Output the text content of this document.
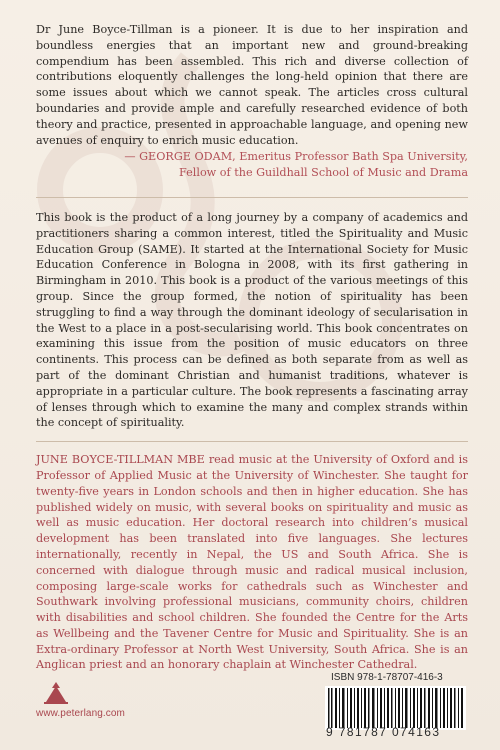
Dr June Boyce-Tillman is a pioneer. It is due to her inspiration and boundless energies that an important new and ground-breaking compendium has been assembled. This rich and diverse collection of contributions eloquently challenges the long-held opinion that there are some issues about which we cannot speak. The articles cross cultural boundaries and provide ample and carefully researched evidence of both theory and practice, presented in approachable language, and opening new avenues of enquiry to enrich music education.

— GEORGE ODAM, Emeritus Professor Bath Spa University,
Fellow of the Guildhall School of Music and Drama

This book is the product of a long journey by a company of academics and practitioners sharing a common interest, titled the Spirituality and Music Education Group (SAME). It started at the International Society for Music Education Conference in Bologna in 2008, with its first gathering in Birmingham in 2010. This book is a product of the various meetings of this group. Since the group formed, the notion of spirituality has been struggling to find a way through the dominant ideology of secularisation in the West to a place in a post-secularising world. This book concentrates on examining this issue from the position of music educators on three continents. This process can be defined as both separate from as well as part of the dominant Christian and humanist traditions, whatever is appropriate in a particular culture. The book represents a fascinating array of lenses through which to examine the many and complex strands within the concept of spirituality.

JUNE BOYCE-TILLMAN MBE read music at the University of Oxford and is Professor of Applied Music at the University of Winchester. She taught for twenty-five years in London schools and then in higher education. She has published widely on music, with several books on spirituality and music as well as music education. Her doctoral research into children’s musical development has been translated into five languages. She lectures internationally, recently in Nepal, the US and South Africa. She is concerned with dialogue through music and radical musical inclusion, composing large-scale works for cathedrals such as Winchester and Southwark involving professional musicians, community choirs, children with disabilities and school children. She founded the Centre for the Arts as Wellbeing and the Tavener Centre for Music and Spirituality. She is an Extra-ordinary Professor at North West University, South Africa. She is an Anglican priest and an honorary chaplain at Winchester Cathedral.

www.peterlang.com
ISBN 978-1-78707-416-3
9 781787 074163
